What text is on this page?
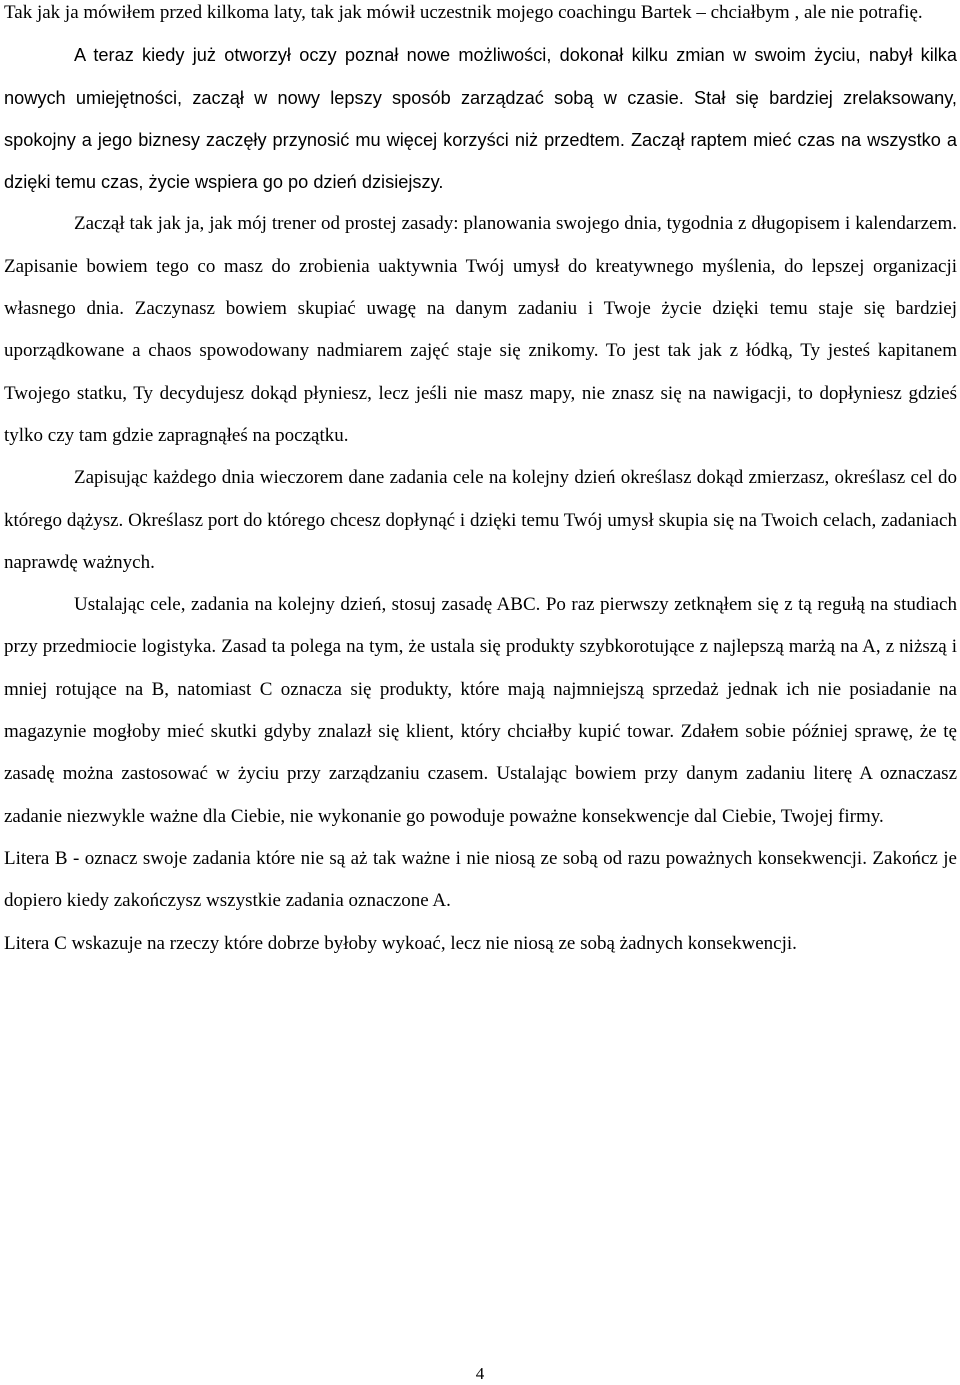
Tak jak ja mówiłem przed kilkoma laty, tak jak mówił uczestnik mojego coachingu Bartek – chciałbym , ale nie potrafię.

A teraz kiedy już otworzył oczy poznał nowe możliwości, dokonał kilku zmian w swoim życiu, nabył kilka nowych umiejętności, zaczął w nowy lepszy sposób zarządzać sobą w czasie. Stał się bardziej zrelaksowany, spokojny a jego biznesy zaczęły przynosić mu więcej korzyści niż przedtem. Zaczął raptem mieć czas na wszystko a dzięki temu czas, życie wspiera go po dzień dzisiejszy.

Zaczął tak jak ja, jak mój trener od prostej zasady: planowania swojego dnia, tygodnia z długopisem i kalendarzem. Zapisanie bowiem tego co masz do zrobienia uaktywnia Twój umysł do kreatywnego myślenia, do lepszej organizacji własnego dnia. Zaczynasz bowiem skupiać uwagę na danym zadaniu i Twoje życie dzięki temu staje się bardziej uporządkowane a chaos spowodowany nadmiarem zajęć staje się znikomy. To jest tak jak z łódką, Ty jesteś kapitanem Twojego statku, Ty decydujesz dokąd płyniesz, lecz jeśli nie masz mapy, nie znasz się na nawigacji, to dopłyniesz gdzieś tylko czy tam gdzie zapragnąłeś na początku.

Zapisując każdego dnia wieczorem dane zadania cele na kolejny dzień określasz dokąd zmierzasz, określasz cel do którego dążysz. Określasz port do którego chcesz dopłynąć i dzięki temu Twój umysł skupia się na Twoich celach, zadaniach naprawdę ważnych.

Ustalając cele, zadania na kolejny dzień, stosuj zasadę ABC. Po raz pierwszy zetknąłem się z tą regułą na studiach przy przedmiocie logistyka. Zasad ta polega na tym, że ustala się produkty szybkorotujące z najlepszą marżą na A, z niższą i mniej rotujące na B, natomiast C oznacza się produkty, które mają najmniejszą sprzedaż jednak ich nie posiadanie na magazynie mogłoby mieć skutki gdyby znalazł się klient, który chciałby kupić towar. Zdałem sobie później sprawę, że tę zasadę można zastosować w życiu przy zarządzaniu czasem. Ustalając bowiem przy danym zadaniu literę A oznaczasz zadanie niezwykle ważne dla Ciebie, nie wykonanie go powoduje poważne konsekwencje dal Ciebie, Twojej firmy.

Litera B - oznacz swoje zadania które nie są aż tak ważne i nie niosą ze sobą od razu poważnych konsekwencji. Zakończ je dopiero kiedy zakończysz wszystkie zadania oznaczone A.

Litera C wskazuje na rzeczy które dobrze byłoby wykoać, lecz nie niosą ze sobą żadnych konsekwencji.

4
